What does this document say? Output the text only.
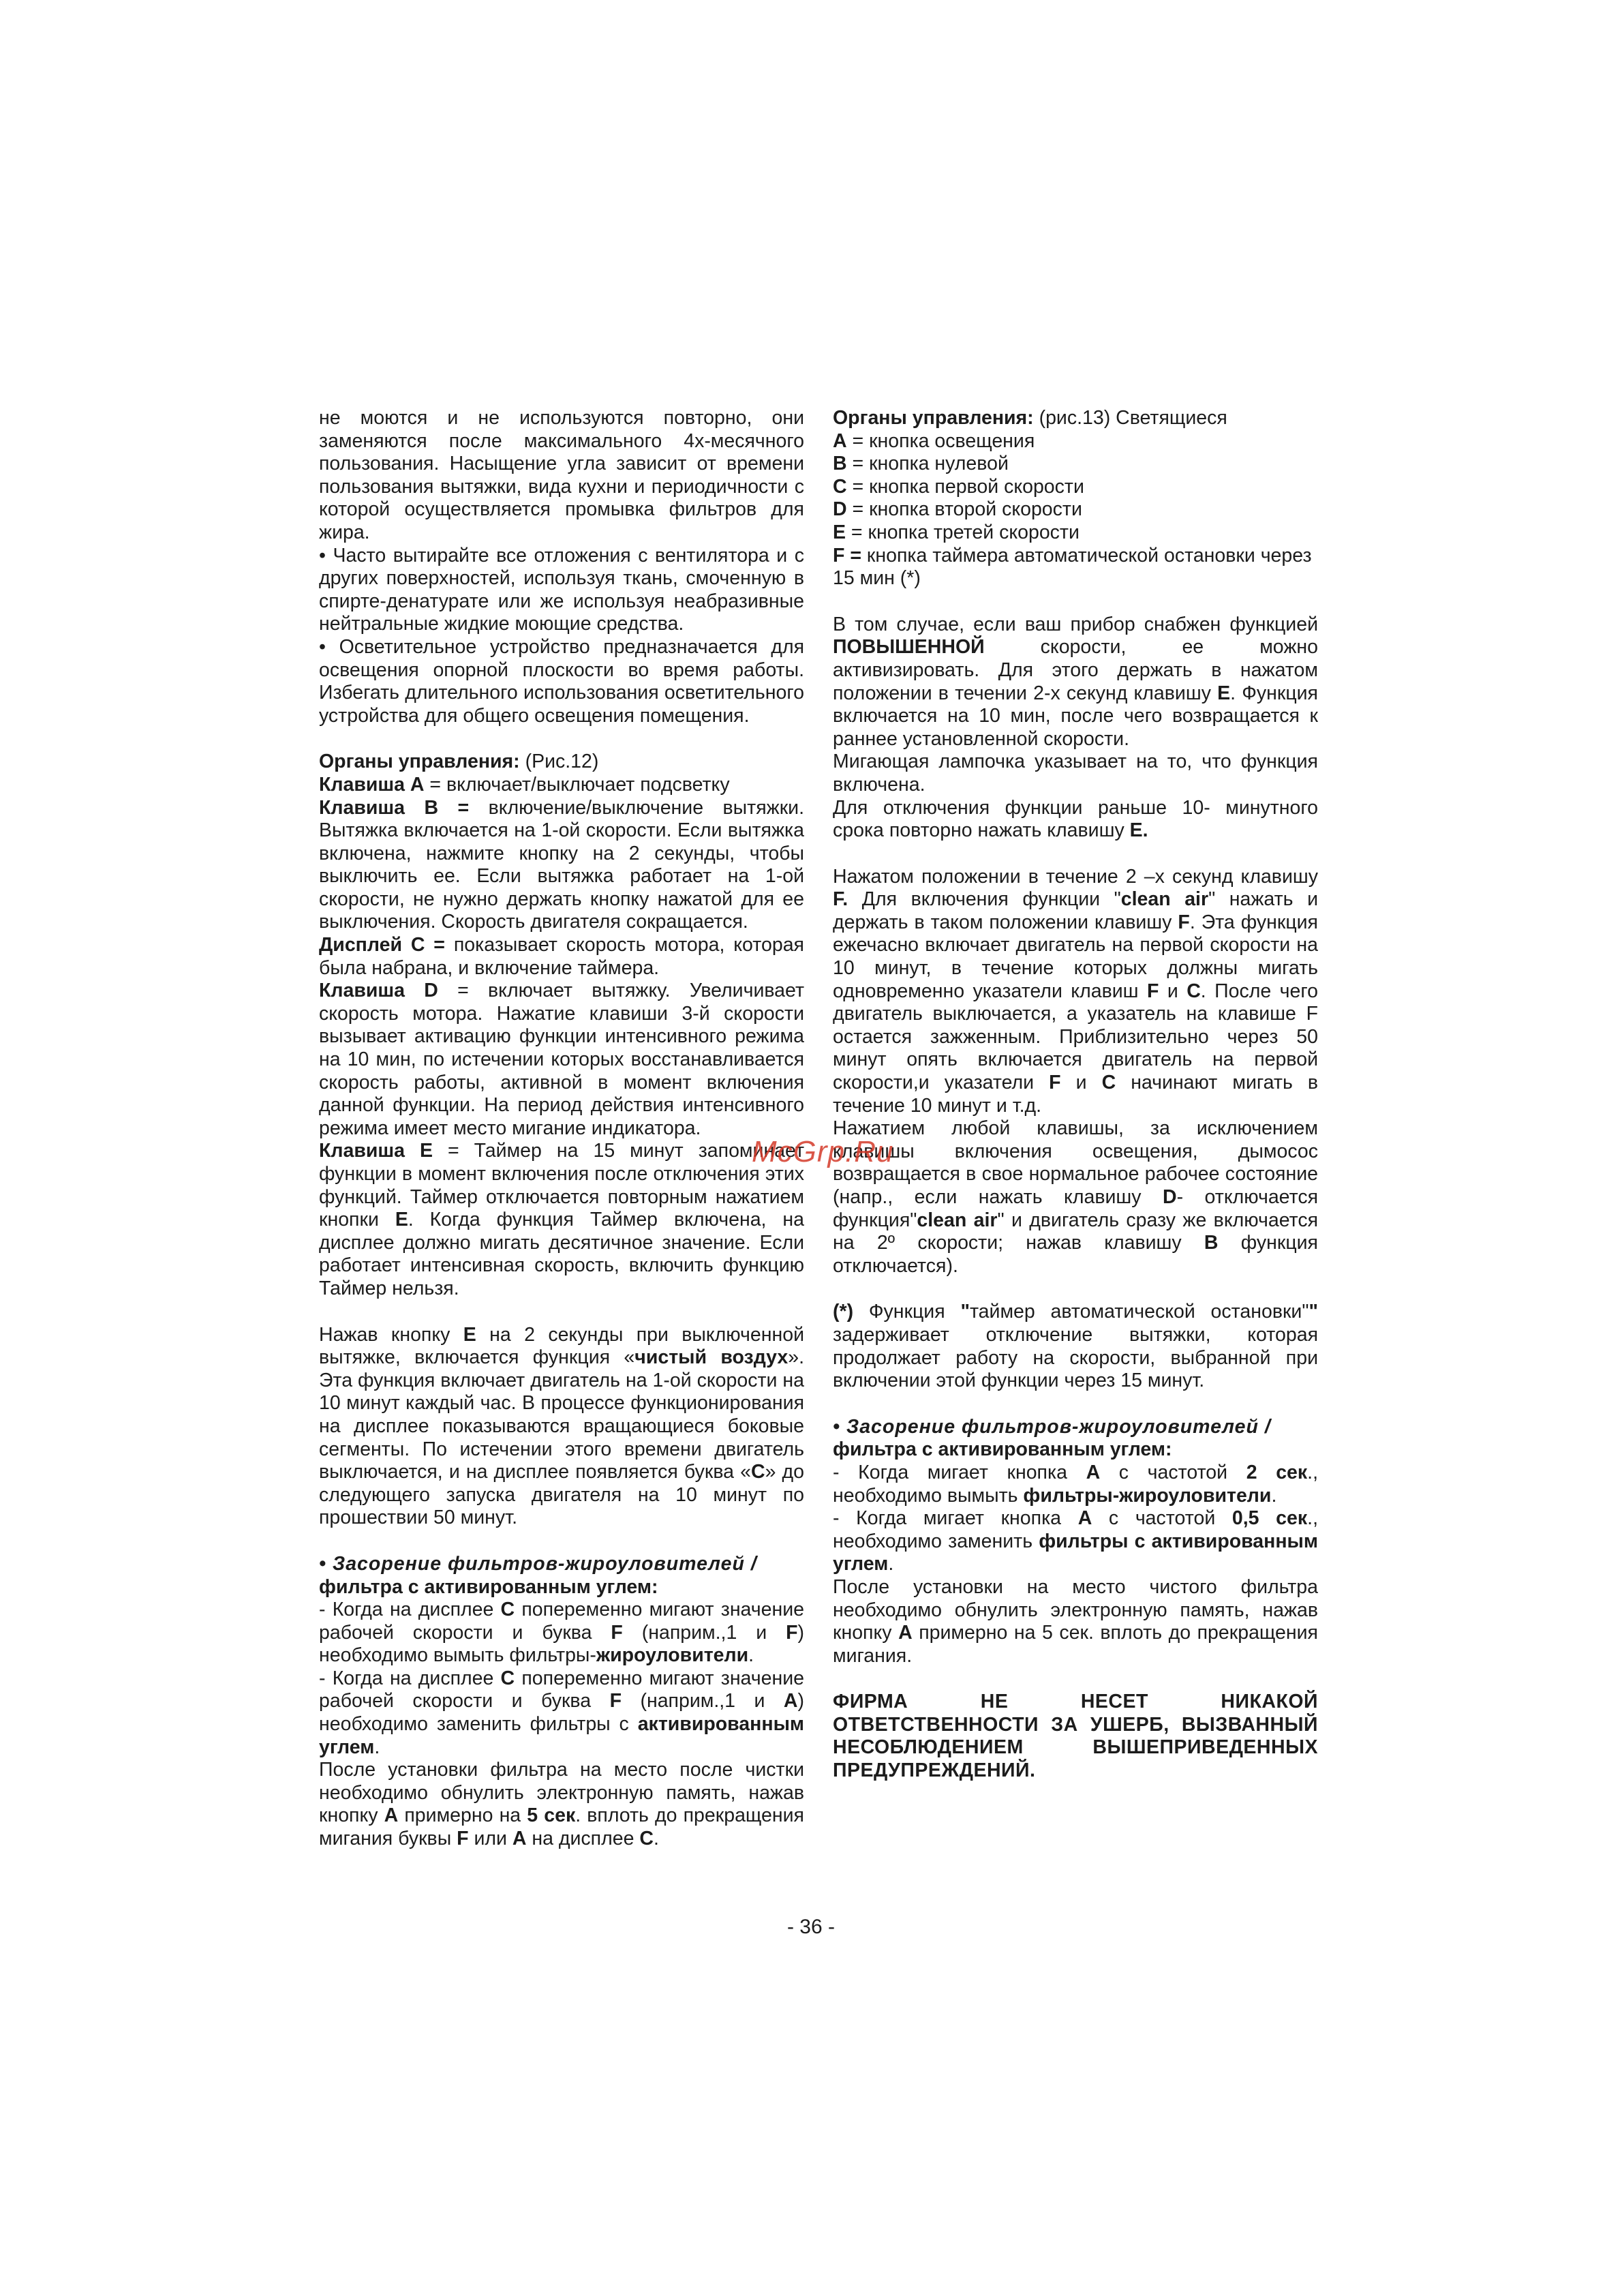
не моются и не используются повторно, они заменяются после максимального 4х-месячного пользования. Насыщение угла зависит от времени пользования вытяжки, вида кухни и периодичности с которой осуществляется промывка фильтров для жира.

• Часто вытирайте все отложения с вентилятора и с других поверхностей, используя ткань, смоченную в спирте-денатурате или же используя неабразивные нейтральные жидкие моющие средства.

• Осветительное устройство предназначается для освещения опорной плоскости во время работы. Избегать длительного использования осветительного устройства для общего освещения помещения.

Органы управления: (Рис.12)

Клавиша A = включает/выключает подсветку

Клавиша B = включение/выключение вытяжки. Вытяжка включается на 1-ой скорости. Если вытяжка включена, нажмите кнопку на 2 секунды, чтобы выключить ее. Если вытяжка работает на 1-ой скорости, не нужно держать кнопку нажатой для ее выключения. Скорость двигателя сокращается.

Дисплей C = показывает скорость мотора, которая была набрана, и включение таймера.

Клавиша D = включает вытяжку. Увеличивает скорость мотора. Нажатие клавиши 3-й скорости вызывает активацию функции интенсивного режима на 10 мин, по истечении которых восстанавливается скорость работы, активной в момент включения данной функции. На период действия интенсивного режима имеет место мигание индикатора.

Клавиша E = Таймер на 15 минут запоминает функции в момент включения после отключения этих функций. Таймер отключается повторным нажатием кнопки E. Когда функция Таймер включена, на дисплее должно мигать десятичное значение. Если работает интенсивная скорость, включить функцию Таймер нельзя.

Нажав кнопку E на 2 секунды при выключенной вытяжке, включается функция «чистый воздух». Эта функция включает двигатель на 1-ой скорости на 10 минут каждый час. В процессе функционирования на дисплее показываются вращающиеся боковые сегменты. По истечении этого времени двигатель выключается, и на дисплее появляется буква «С» до следующего запуска двигателя на 10 минут по прошествии 50 минут.

• Засорение фильтров-жироуловителей /

фильтра с активированным углем:

- Когда на дисплее C попеременно мигают значение рабочей скорости и буква F (наприм.,1 и F) необходимо вымыть фильтры-жироуловители.

- Когда на дисплее C попеременно мигают значение рабочей скорости и буква F (наприм.,1 и A) необходимо заменить фильтры с активированным углем.

После установки фильтра на место после чистки необходимо обнулить электронную память, нажав кнопку A примерно на 5 сек. вплоть до прекращения мигания буквы F или A на дисплее C.

Органы управления: (рис.13) Светящиеся

A = кнопка освещения

B = кнопка нулевой

C = кнопка первой скорости

D = кнопка второй скорости

E = кнопка третей скорости

F = кнопка таймера автоматической остановки через 15 мин (*)

В том случае, если ваш прибор снабжен функцией ПОВЫШЕННОЙ скорости, ее можно активизировать. Для этого держать в нажатом положении в течении 2-х секунд клавишу E. Функция включается на 10 мин, после чего возвращается к раннее установленной скорости.

Мигающая лампочка указывает на то, что функция включена.

Для отключения функции раньше 10- минутного срока повторно нажать клавишу E.

Нажатом положении в течение 2 –х секунд клавишу F. Для включения функции "clean air" нажать и держать в таком положении клавишу F. Эта функция ежечасно включает двигатель на первой скорости на 10 минут, в течение которых должны мигать одновременно указатели клавиш F и C. После чего двигатель выключается, а указатель на клавише F остается зажженным. Приблизительно через 50 минут опять включается двигатель на первой скорости,и указатели F и C начинают мигать в течение 10 минут и т.д.

Нажатием любой клавишы, за исключением клавишы включения освещения, дымосос возвращается в свое нормальное рабочее состояние (напр., если нажать клавишу D- отключается функция"clean air" и двигатель сразу же включается на 2º скорости; нажав клавишу B функция отключается).

(*) Функция "таймер автоматической остановки"" задерживает отключение вытяжки, которая продолжает работу на скорости, выбранной при включении этой функции через 15 минут.

• Засорение фильтров-жироуловителей /

фильтра с активированным углем:

- Когда мигает кнопка A с частотой 2 сек., необходимо вымыть фильтры-жироуловители.

- Когда мигает кнопка A с частотой 0,5 сек., необходимо заменить фильтры с активированным углем.

После установки на место чистого фильтра необходимо обнулить электронную память, нажав кнопку A примерно на 5 сек. вплоть до прекращения мигания.

ФИРМА НЕ НЕСЕТ НИКАКОЙ ОТВЕТСТВЕННОСТИ ЗА УШЕРБ, ВЫЗВАННЫЙ НЕСОБЛЮДЕНИЕМ ВЫШЕПРИВЕДЕННЫХ ПРЕДУПРЕЖДЕНИЙ.

McGrp.Ru
- 36 -
